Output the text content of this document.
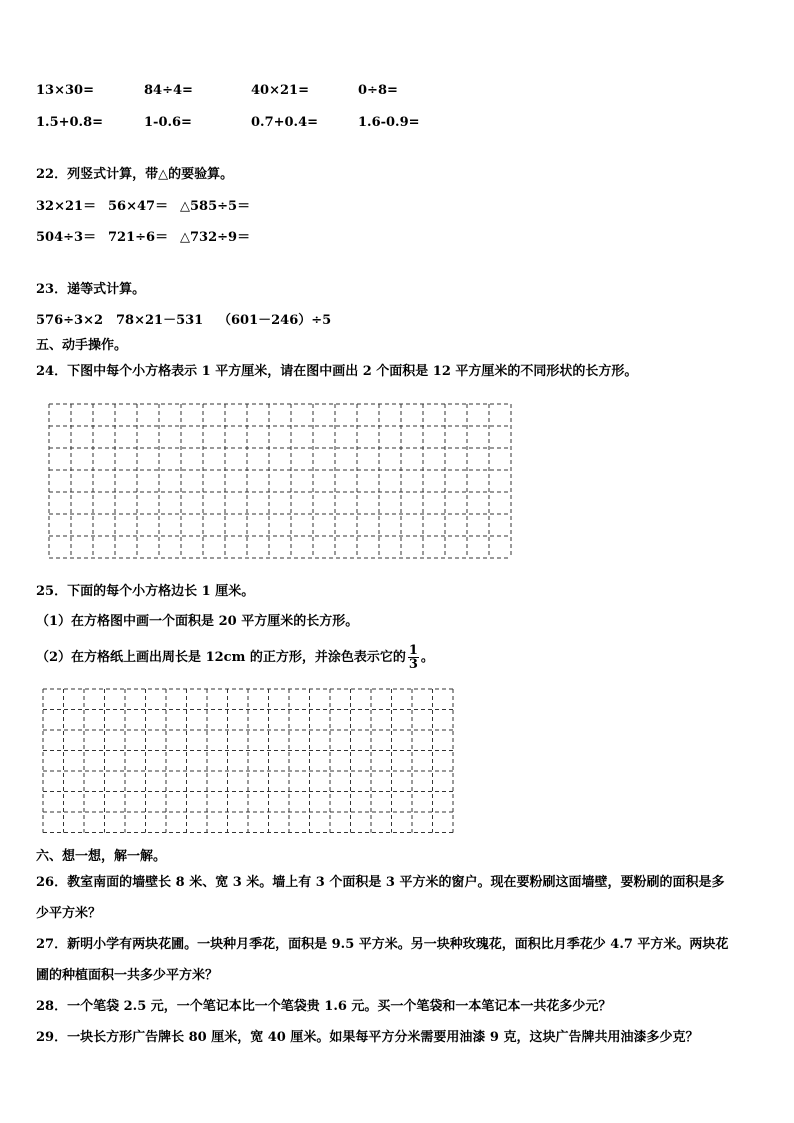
13×30=	84÷4=	40×21=	0÷8=
1.5+0.8=	1-0.6=	0.7+0.4=	1.6-0.9=
22．列竖式计算，带△的要验算。
32×21＝ 56×47＝ △585÷5＝
504÷3＝ 721÷6＝ △732÷9＝
23．递等式计算。
576÷3×2 78×21－531 （601－246）÷5
五、动手操作。
24．下图中每个小方格表示 1 平方厘米，请在图中画出 2 个面积是 12 平方厘米的不同形状的长方形。
25．下面的每个小方格边长 1 厘米。
（1）在方格图中画一个面积是 20 平方厘米的长方形。
（2）在方格纸上画出周长是 12cm 的正方形，并涂色表示它的 $\frac{1}{3}$ 。
六、想一想，解一解。
26．教室南面的墙壁长 8 米、宽 3 米。墙上有 3 个面积是 3 平方米的窗户。现在要粉刷这面墙壁，要粉刷的面积是多
少平方米？
27．新明小学有两块花圃。一块种月季花，面积是 9.5 平方米。另一块种玫瑰花，面积比月季花少 4.7 平方米。两块花
圃的种植面积一共多少平方米？
28．一个笔袋 2.5 元，一个笔记本比一个笔袋贵 1.6 元。买一个笔袋和一本笔记本一共花多少元？
29．一块长方形广告牌长 80 厘米，宽 40 厘米。如果每平方分米需要用油漆 9 克，这块广告牌共用油漆多少克？
